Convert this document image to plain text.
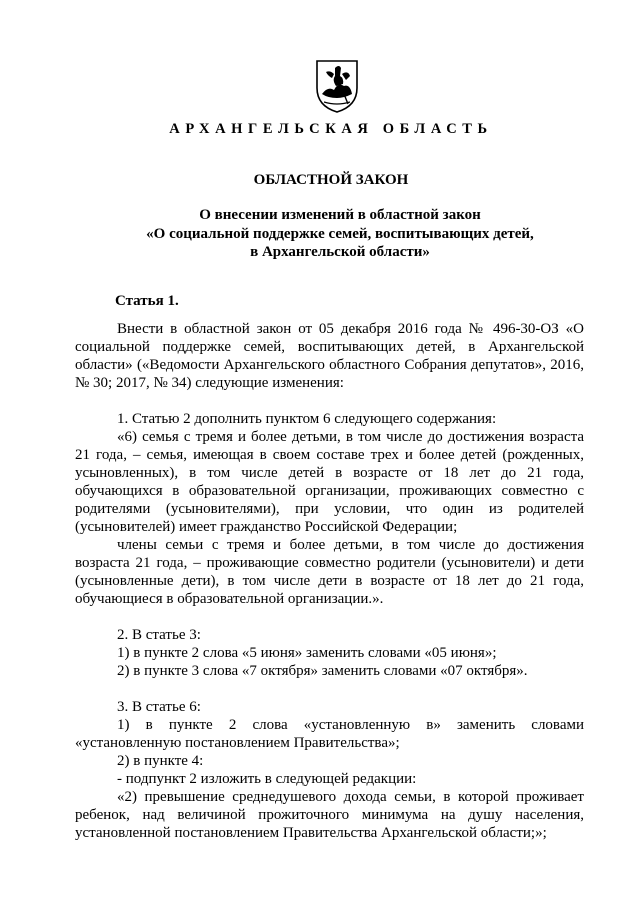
АРХАНГЕЛЬСКАЯ ОБЛАСТЬ
ОБЛАСТНОЙ ЗАКОН
О внесении изменений в областной закон
«О социальной поддержке семей, воспитывающих детей,
в Архангельской области»
Статья 1.

Внести в областной закон от 05 декабря 2016 года № 496-30-ОЗ «О социальной поддержке семей, воспитывающих детей, в Архангельской области» («Ведомости Архангельского областного Собрания депутатов», 2016, № 30; 2017, № 34) следующие изменения:

1. Статью 2 дополнить пунктом 6 следующего содержания:

«6) семья с тремя и более детьми, в том числе до достижения возраста 21 года, – семья, имеющая в своем составе трех и более детей (рожденных, усыновленных), в том числе детей в возрасте от 18 лет до 21 года, обучающихся в образовательной организации, проживающих совместно с родителями (усыновителями), при условии, что один из родителей (усыновителей) имеет гражданство Российской Федерации;

члены семьи с тремя и более детьми, в том числе до достижения возраста 21 года, – проживающие совместно родители (усыновители) и дети (усыновленные дети), в том числе дети в возрасте от 18 лет до 21 года, обучающиеся в образовательной организации.».

2. В статье 3:

1) в пункте 2 слова «5 июня» заменить словами «05 июня»;

2) в пункте 3 слова «7 октября» заменить словами «07 октября».

3. В статье 6:

1) в пункте 2 слова «установленную в» заменить словами «установленную постановлением Правительства»;

2) в пункте 4:

- подпункт 2 изложить в следующей редакции:

«2) превышение среднедушевого дохода семьи, в которой проживает ребенок, над величиной прожиточного минимума на душу населения, установленной постановлением Правительства Архангельской области;»;
